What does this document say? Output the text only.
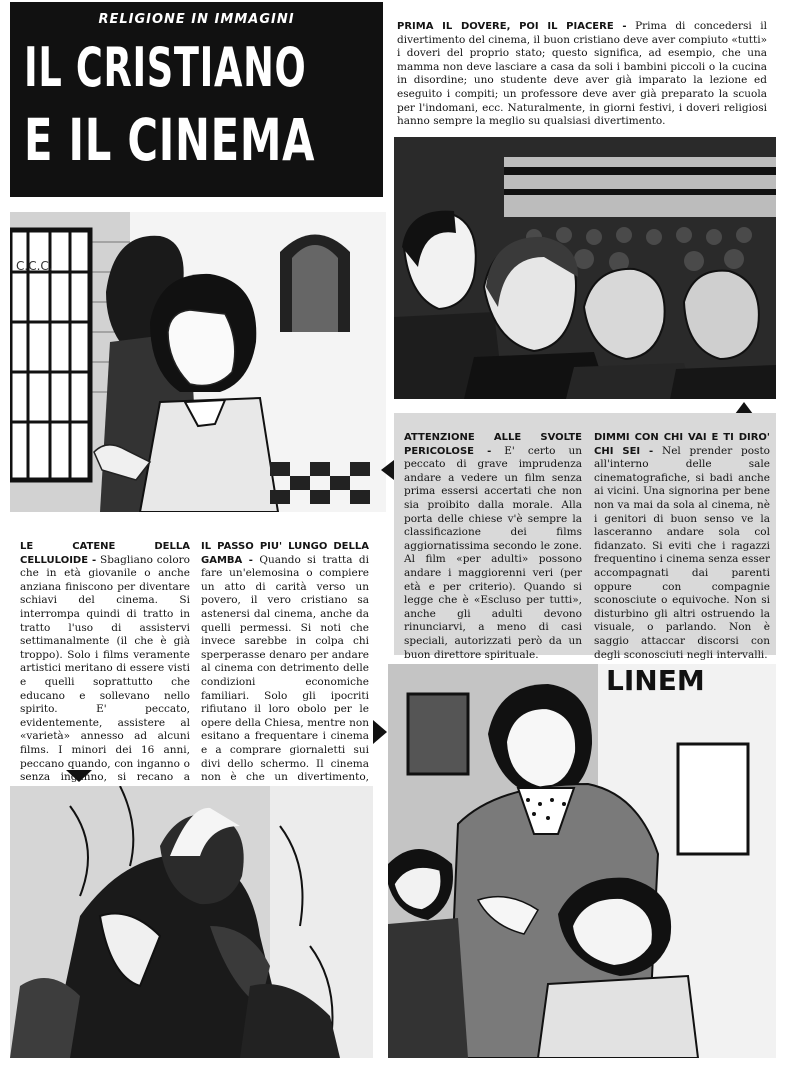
RELIGIONE IN IMMAGINI
IL CRISTIANO
E IL CINEMA
PRIMA IL DOVERE, POI IL PIACERE - Prima di concedersi il divertimento del cinema, il buon cristiano deve aver compiuto «tutti» i doveri del proprio stato; questo significa, ad esempio, che una mamma non deve lasciare a casa da soli i bambini piccoli o la cucina in disordine; uno studente deve aver già imparato la lezione ed eseguito i compiti; un professore deve aver già preparato la scuola per l'indomani, ecc. Naturalmente, in giorni festivi, i doveri religiosi hanno sempre la meglio su qualsiasi divertimento.
C.C.C.
ATTENZIONE ALLE SVOLTE PERICOLOSE - E' certo un peccato di grave imprudenza andare a vedere un film senza prima essersi accertati che non sia proibito dalla morale. Alla porta delle chiese v'è sempre la classificazione dei films aggiornatissima secondo le zone. Al film «per adulti» possono andare i maggiorenni veri (per età e per criterio). Quando si legge che è «Escluso per tutti», anche gli adulti devono rinunciarvi, a meno di casi speciali, autorizzati però da un buon direttore spirituale.
DIMMI CON CHI VAI E TI DIRO' CHI SEI - Nel prender posto all'interno delle sale cinematografiche, si badi anche ai vicini. Una signorina per bene non va mai da sola al cinema, nè i genitori di buon senso ve la lasceranno andare sola col fidanzato. Si eviti che i ragazzi frequentino i cinema senza esser accompagnati dai parenti oppure con compagnie sconosciute o equivoche. Non si disturbino gli altri ostruendo la visuale, o parlando. Non è saggio attaccar discorsi con degli sconosciuti negli intervalli.
LE CATENE DELLA CELLULOIDE - Sbagliano coloro che in età giovanile o anche anziana finiscono per diventare schiavi del cinema. Si interrompa quindi di tratto in tratto l'uso di assistervi settimanalmente (il che è già troppo). Solo i films veramente artistici meritano di essere visti e quelli soprattutto che educano e sollevano nello spirito. E' peccato, evidentemente, assistere al «varietà» annesso ad alcuni films. I minori dei 16 anni, peccano quando, con inganno o senza inganno, si recano a
IL PASSO PIU' LUNGO DELLA GAMBA - Quando si tratta di fare un'elemosina o compiere un atto di carità verso un povero, il vero cristiano sa astenersi dal cinema, anche da quelli permessi. Si noti che invece sarebbe in colpa chi sperperasse denaro per andare al cinema con detrimento delle condizioni economiche familiari. Solo gli ipocriti rifiutano il loro obolo per le opere della Chiesa, mentre non esitano a frequentare i cinema e a comprare giornaletti sui divi dello schermo. Il cinema non è che un divertimento,
LINEM
